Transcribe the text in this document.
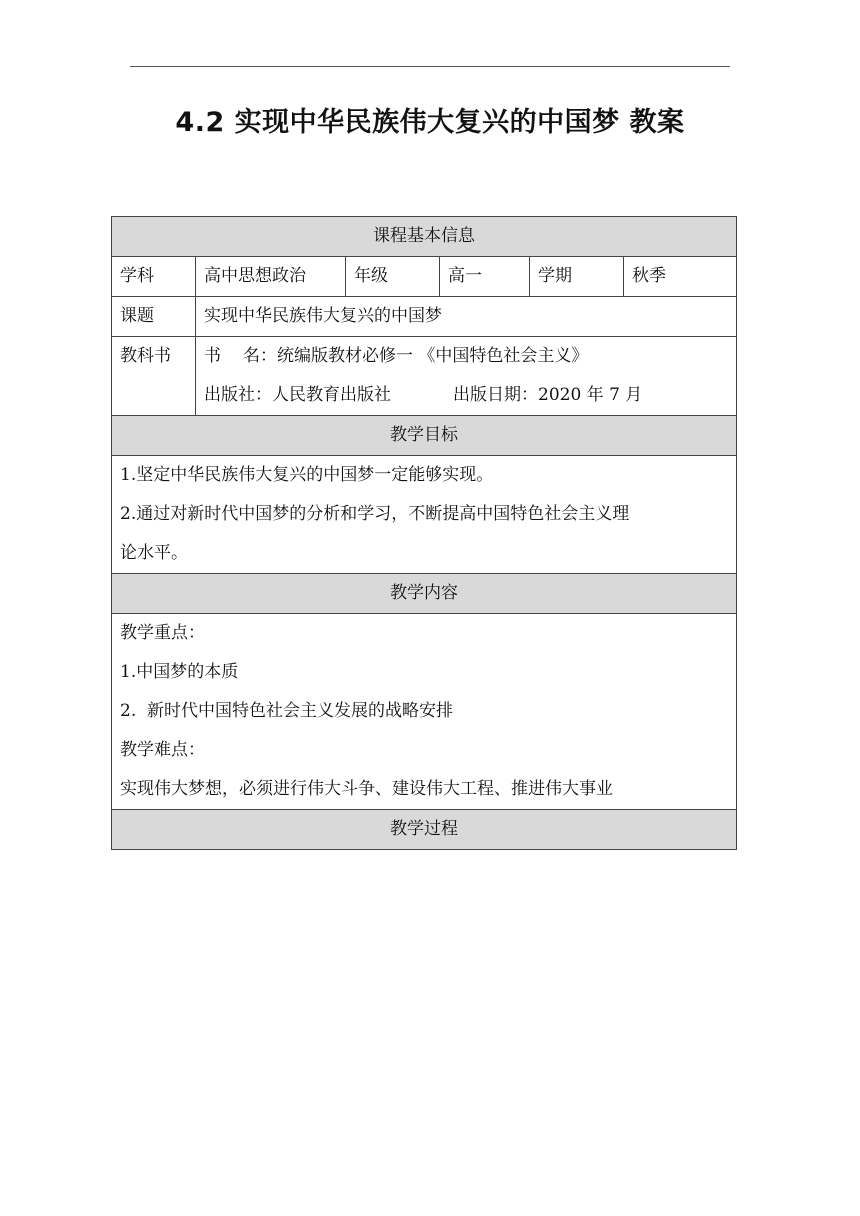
4.2 实现中华民族伟大复兴的中国梦 教案
课程基本信息					
学科	高中思想政治	年级	高一	学期	秋季
课题	实现中华民族伟大复兴的中国梦				
教科书	书 名：统编版教材必修一 《中国特色社会主义》
出版社：人民教育出版社 出版日期：2020 年 7 月				

教学目标					

1.坚定中华民族伟大复兴的中国梦一定能够实现。
2.通过对新时代中国梦的分析和学习，不断提高中国特色社会主义理
论水平。					

教学内容					

教学重点：
1.中国梦的本质
2.  新时代中国特色社会主义发展的战略安排
教学难点：
实现伟大梦想，必须进行伟大斗争、建设伟大工程、推进伟大事业					

教学过程					
